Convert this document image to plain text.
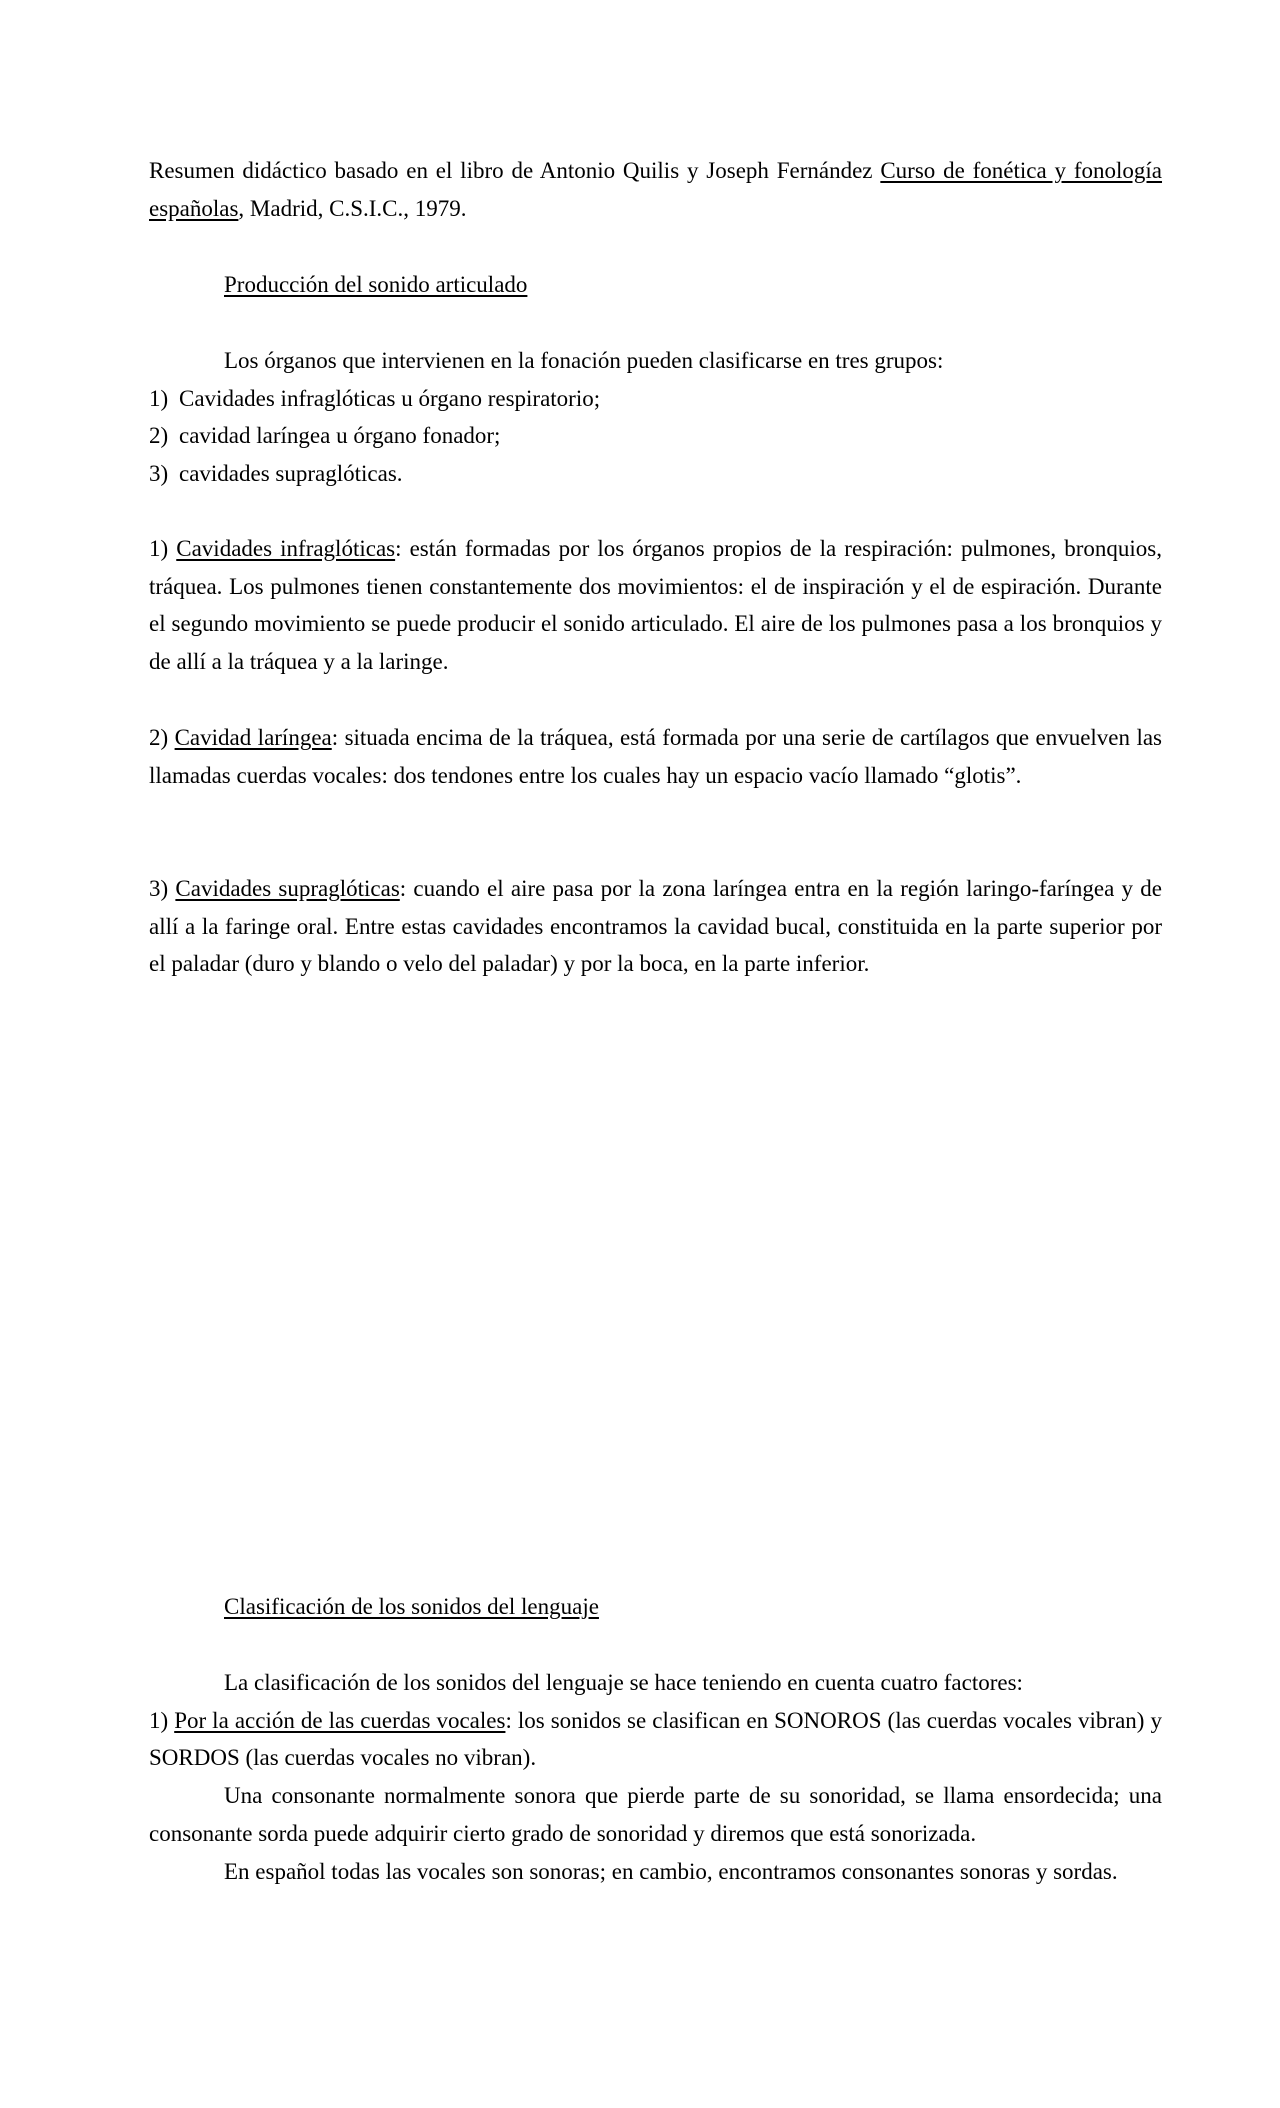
Resumen didáctico basado en el libro de Antonio Quilis y Joseph Fernández Curso de fonética y fonología españolas, Madrid, C.S.I.C., 1979.

Producción del sonido articulado

Los órganos que intervienen en la fonación pueden clasificarse en tres grupos:

1) Cavidades infraglóticas u órgano respiratorio;
2) cavidad laríngea u órgano fonador;
3) cavidades supraglóticas.

1) Cavidades infraglóticas: están formadas por los órganos propios de la respiración: pulmones, bronquios, tráquea. Los pulmones tienen constantemente dos movimientos: el de inspiración y el de espiración. Durante el segundo movimiento se puede producir el sonido articulado. El aire de los pulmones pasa a los bronquios y de allí a la tráquea y a la laringe.

2) Cavidad laríngea: situada encima de la tráquea, está formada por una serie de cartílagos que envuelven las llamadas cuerdas vocales: dos tendones entre los cuales hay un espacio vacío llamado “glotis”.

3) Cavidades supraglóticas: cuando el aire pasa por la zona laríngea entra en la región laringo-faríngea y de allí a la faringe oral. Entre estas cavidades encontramos la cavidad bucal, constituida en la parte superior por el paladar (duro y blando o velo del paladar) y por la boca, en la parte inferior.

Clasificación de los sonidos del lenguaje

La clasificación de los sonidos del lenguaje se hace teniendo en cuenta cuatro factores:

1) Por la acción de las cuerdas vocales: los sonidos se clasifican en SONOROS (las cuerdas vocales vibran) y SORDOS (las cuerdas vocales no vibran).

Una consonante normalmente sonora que pierde parte de su sonoridad, se llama ensordecida; una consonante sorda puede adquirir cierto grado de sonoridad y diremos que está sonorizada.

En español todas las vocales son sonoras; en cambio, encontramos consonantes sonoras y sordas.
